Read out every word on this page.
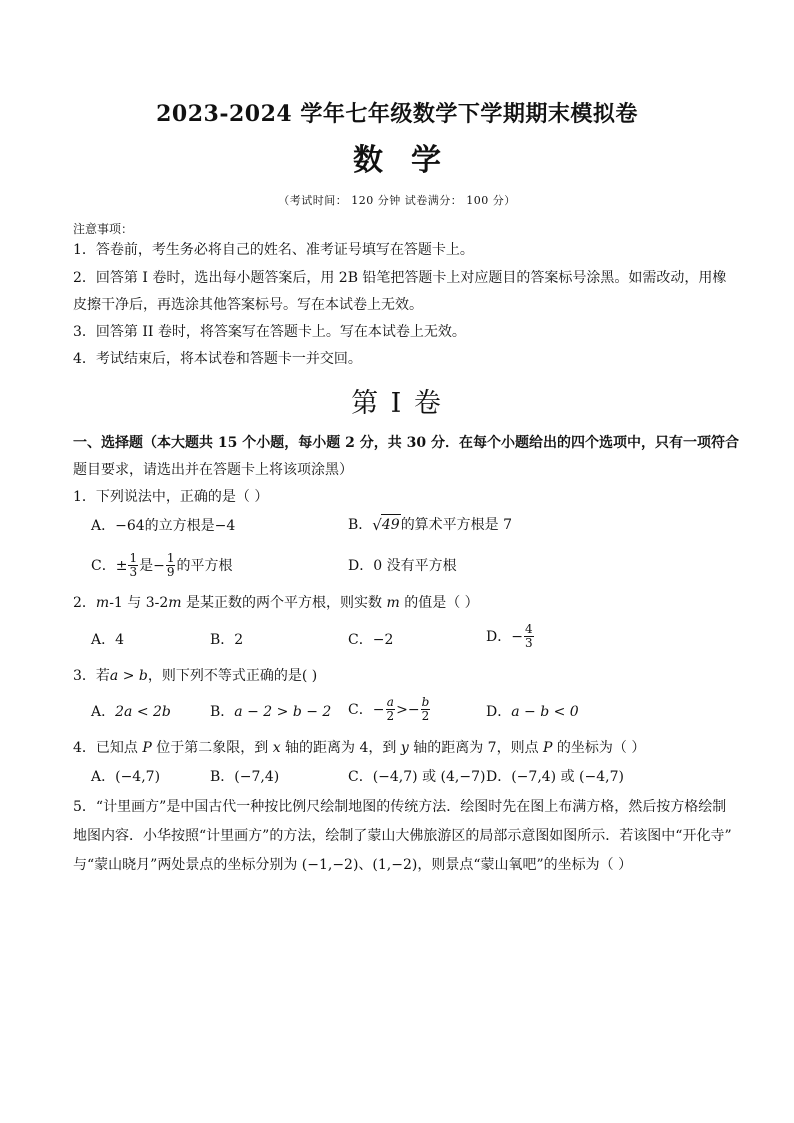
2023-2024 学年七年级数学下学期期末模拟卷
数学
（考试时间： 120 分钟 试卷满分： 100 分）
注意事项：
1．答卷前，考生务必将自己的姓名、准考证号填写在答题卡上。
2．回答第 I 卷时，选出每小题答案后，用 2B 铅笔把答题卡上对应题目的答案标号涂黑。如需改动，用橡
皮擦干净后，再选涂其他答案标号。写在本试卷上无效。
3．回答第 II 卷时，将答案写在答题卡上。写在本试卷上无效。
4．考试结束后，将本试卷和答题卡一并交回。
第 I 卷
一、选择题（本大题共 15 个小题，每小题 2 分，共 30 分．在每个小题给出的四个选项中，只有一项符合
题目要求，请选出并在答题卡上将该项涂黑）
1．下列说法中，正确的是（ ）
A．−64的立方根是−4	B． √ 49 的算术平方根是 7
C．± $\frac{1}{3}$ 是− $\frac{1}{9}$ 的平方根	D．0 没有平方根
2．m-1 与 3-2m 是某正数的两个平方根，则实数 m 的值是（ ）
A．4	B．2	C．−2	D．− $\frac{4}{3}$
3．若a > b，则下列不等式正确的是( )
A． 2a < 2b	B． a − 2 > b − 2 C．− $\frac{a}{2} >- \frac{b}{2}$	D． a − b < 0
4．已知点 P 位于第二象限，到 x 轴的距离为 4，到 y 轴的距离为 7，则点 P 的坐标为（ ）
A．(−4,7)	B．(−7,4)	C．(−4,7) 或 (4,−7) D．(−7,4) 或 (−4,7)
5．“计里画方”是中国古代一种按比例尺绘制地图的传统方法．绘图时先在图上布满方格，然后按方格绘制
地图内容．小华按照“计里画方”的方法，绘制了蒙山大佛旅游区的局部示意图如图所示．若该图中“开化寺”
与“蒙山晓月”两处景点的坐标分别为 (−1,−2)、(1,−2)，则景点“蒙山氧吧”的坐标为（ ）
